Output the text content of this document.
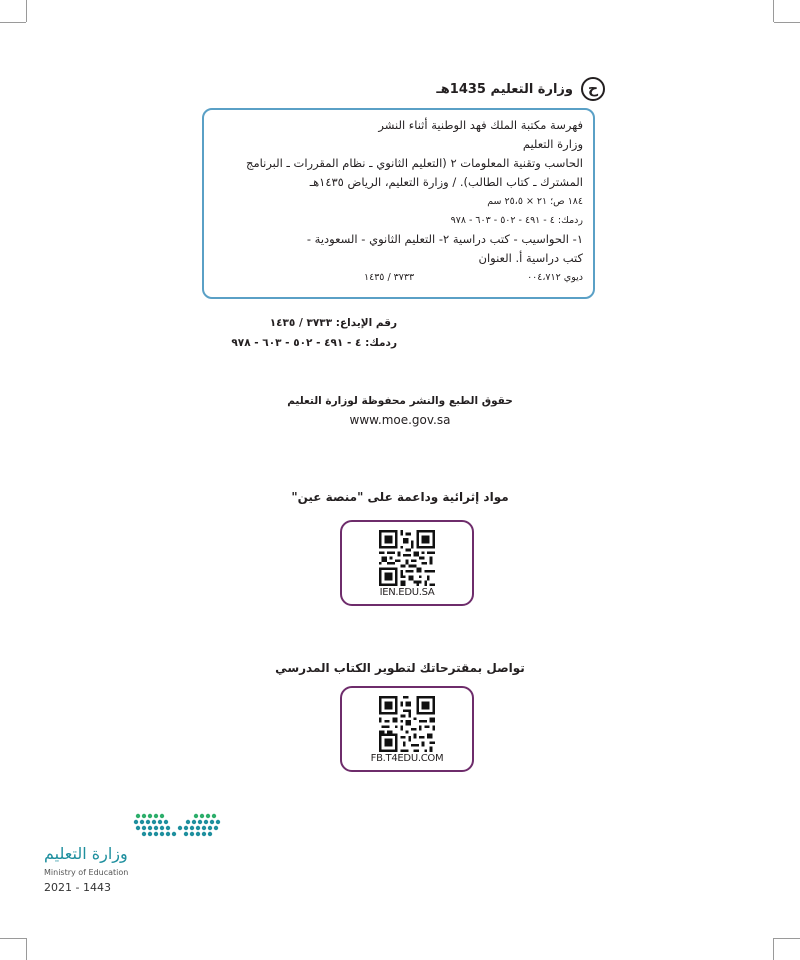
ح
وزارة التعليم 1435هـ
فهرسة مكتبة الملك فهد الوطنية أثناء النشر
وزارة التعليم
الحاسب وتقنية المعلومات ٢ (التعليم الثانوي ـ نظام المقررات ـ البرنامج
المشترك ـ كتاب الطالب). / وزارة التعليم، الرياض ١٤٣٥هـ
١٨٤ ص؛ ٢١ × ٢٥،٥ سم
ردمك: ٤ - ٤٩١ - ٥٠٢ - ٦٠٣ - ٩٧٨
١- الحواسيب - كتب دراسية ٢- التعليم الثانوي - السعودية -
كتب دراسية أ. العنوان
ديوي ٠٠٤،٧١٢
٣٧٣٣ / ١٤٣٥
رقم الإيداع: ٣٧٣٣ / ١٤٣٥
ردمك: ٤ - ٤٩١ - ٥٠٢ - ٦٠٣ - ٩٧٨
حقوق الطبع والنشر محفوظة لوزارة التعليم
www.moe.gov.sa
مواد إثرائية وداعمة على "منصة عين"
IEN.EDU.SA
تواصل بمقترحاتك لتطوير الكتاب المدرسي
FB.T4EDU.COM
وزارة التعليم
Ministry of Education
2021 - 1443
